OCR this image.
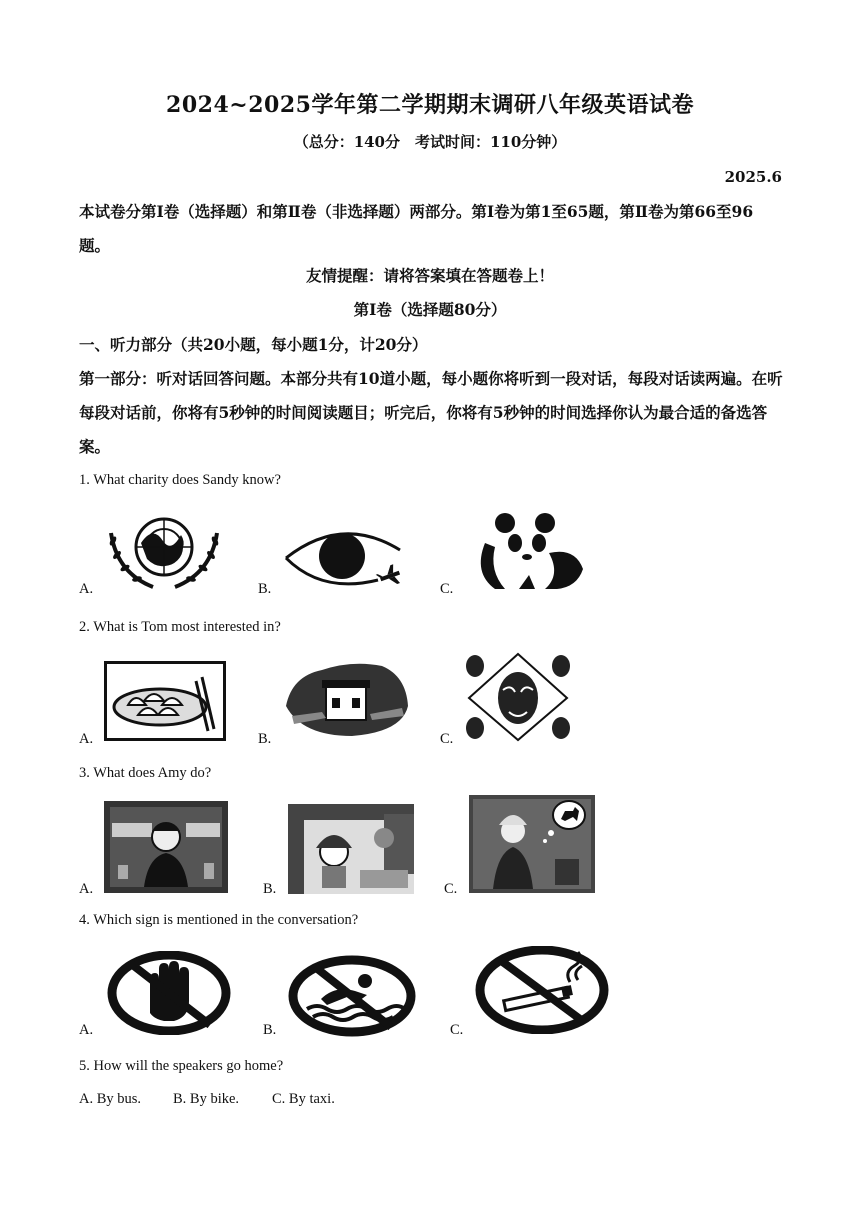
2024~2025学年第二学期期末调研八年级英语试卷
（总分：140分　考试时间：110分钟）
2025.6
本试卷分第Ⅰ卷（选择题）和第Ⅱ卷（非选择题）两部分。第Ⅰ卷为第1至65题，第Ⅱ卷为第66至96题。
友情提醒：请将答案填在答题卷上！
第Ⅰ卷（选择题80分）
一、听力部分（共20小题，每小题1分，计20分）
第一部分：听对话回答问题。本部分共有10道小题，每小题你将听到一段对话，每段对话读两遍。在听每段对话前，你将有5秒钟的时间阅读题目；听完后，你将有5秒钟的时间选择你认为最合适的备选答案。
1. What charity does Sandy know?
A.	B.	C.
2. What is Tom most interested in?
A.	B.	C.
3. What does Amy do?
A.	B.	C.
4. Which sign is mentioned in the conversation?
A.	B.	C.
5. How will the speakers go home?
A. By bus. B. By bike. C. By taxi.
